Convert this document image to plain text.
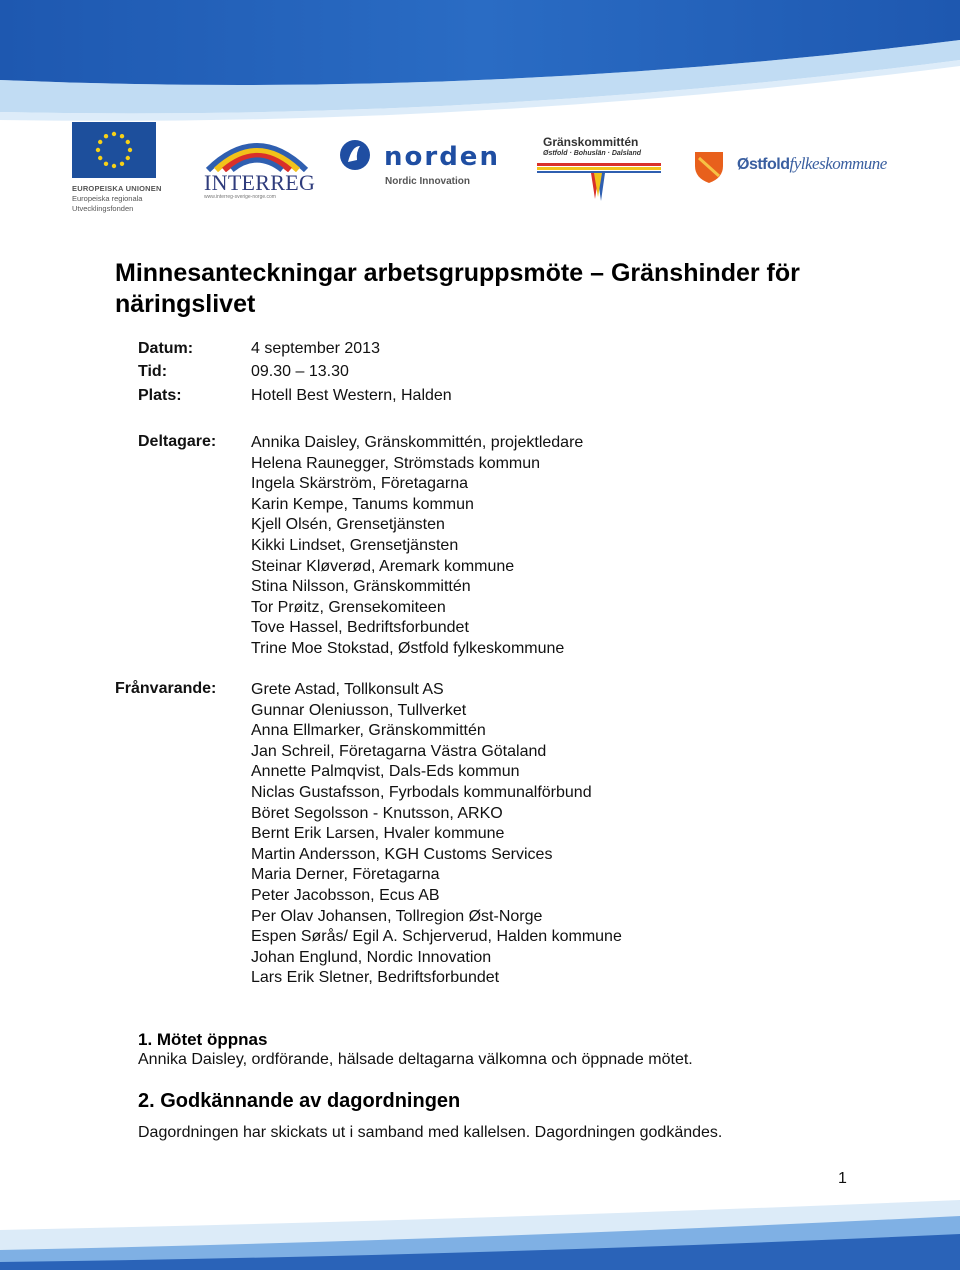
EUROPEISKA UNIONEN
Europeiska regionala
Utvecklingsfonden
INTERREG
www.interreg-sverige-norge.com
norden
Nordic Innovation
Gränskommittén
Østfold · Bohuslän · Dalsland
Østfoldfylkeskommune
Minnesanteckningar arbetsgruppsmöte – Gränshinder för näringslivet
Datum:	4 september 2013
Tid:	09.30 – 13.30
Plats:	Hotell Best Western, Halden
Deltagare: Annika Daisley, Gränskommittén, projektledare
Helena Raunegger, Strömstads kommun
Ingela Skärström, Företagarna
Karin Kempe, Tanums kommun
Kjell Olsén, Grensetjänsten
Kikki Lindset, Grensetjänsten
Steinar Kløverød, Aremark kommune
Stina Nilsson, Gränskommittén
Tor Prøitz, Grensekomiteen
Tove Hassel, Bedriftsforbundet
Trine Moe Stokstad, Østfold fylkeskommune
Frånvarande: Grete Astad, Tollkonsult AS
Gunnar Oleniusson, Tullverket
Anna Ellmarker, Gränskommittén
Jan Schreil, Företagarna Västra Götaland
Annette Palmqvist, Dals-Eds kommun
Niclas Gustafsson, Fyrbodals kommunalförbund
Böret Segolsson - Knutsson, ARKO
Bernt Erik Larsen, Hvaler kommune
Martin Andersson, KGH Customs Services
Maria Derner, Företagarna
Peter Jacobsson, Ecus AB
Per Olav Johansen, Tollregion Øst-Norge
Espen Sørås/ Egil A. Schjerverud, Halden kommune
Johan Englund, Nordic Innovation
Lars Erik Sletner, Bedriftsforbundet
1. Mötet öppnas

Annika Daisley, ordförande, hälsade deltagarna välkomna och öppnade mötet.

2. Godkännande av dagordningen

Dagordningen har skickats ut i samband med kallelsen. Dagordningen godkändes.

1
